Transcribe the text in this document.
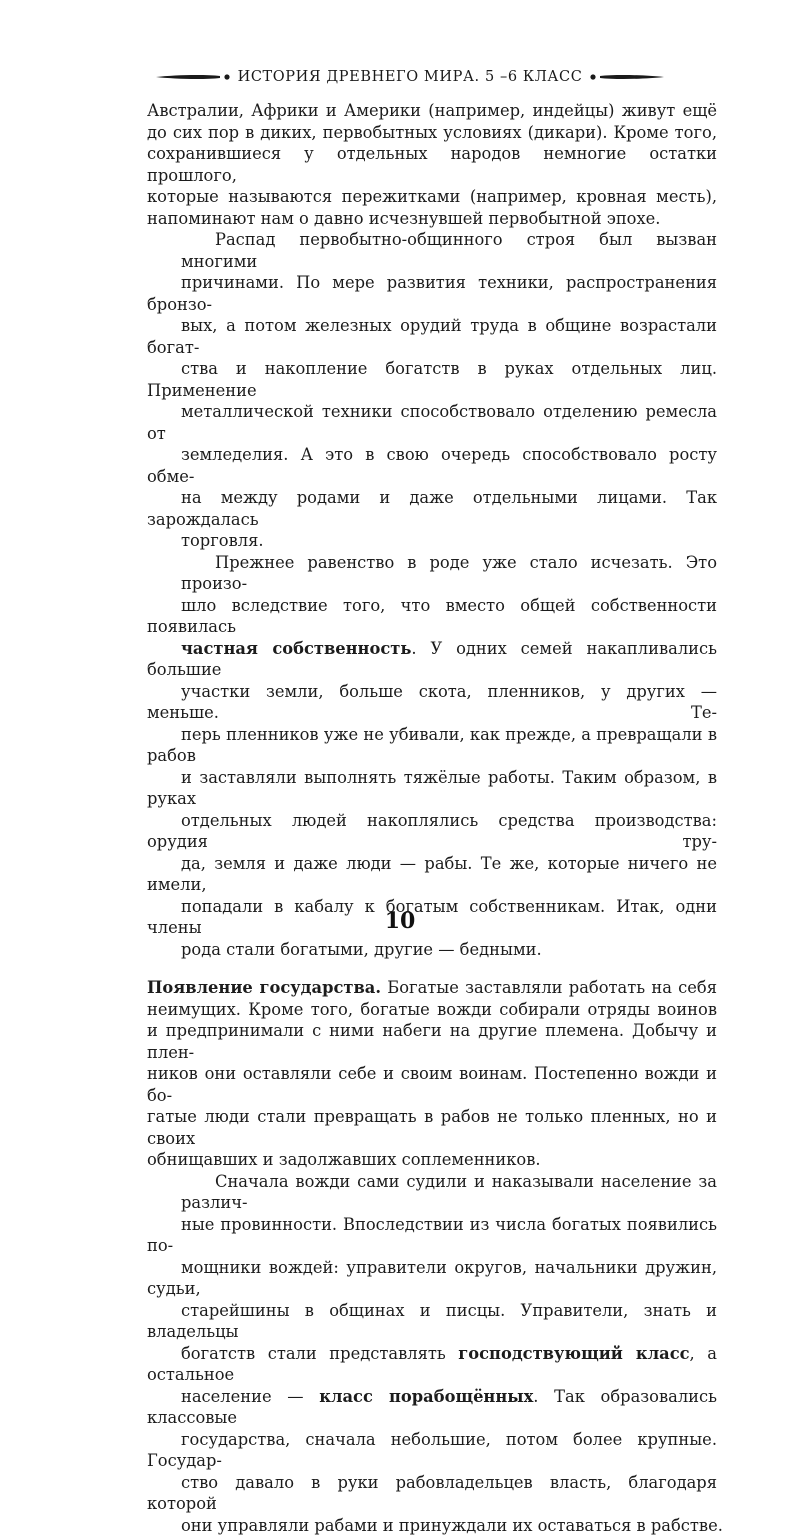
ИСТОРИЯ ДРЕВНЕГО МИРА. 5 –6 КЛАСС
Австралии, Африки и Америки (например, индейцы) живут ещё
до сих пор в диких, первобытных условиях (дикари). Кроме того,
сохранившиеся у отдельных народов немногие остатки прошлого,
которые называются пережитками (например, кровная месть),
напоминают нам о давно исчезнувшей первобытной эпохе.
Распад первобытно-общинного строя был вызван многими
причинами. По мере развития техники, распространения бронзо-
вых, а потом железных орудий труда в общине возрастали богат-
ства и накопление богатств в руках отдельных лиц. Применение
металлической техники способствовало отделению ремесла от
земледелия. А это в свою очередь способствовало росту обме-
на между родами и даже отдельными лицами. Так зарождалась
торговля.
Прежнее равенство в роде уже стало исчезать. Это произо-
шло вследствие того, что вместо общей собственности появилась
частная собственность. У одних семей накапливались большие
участки земли, больше скота, пленников, у других — меньше. Те-
перь пленников уже не убивали, как прежде, а превращали в рабов
и заставляли выполнять тяжёлые работы. Таким образом, в руках
отдельных людей накоплялись средства производства: орудия тру-
да, земля и даже люди — рабы. Те же, которые ничего не имели,
попадали в кабалу к богатым собственникам. Итак, одни члены
рода стали богатыми, другие — бедными.
Появление государства. Богатые заставляли работать на себя
неимущих. Кроме того, богатые вожди собирали отряды воинов
и предпринимали с ними набеги на другие племена. Добычу и плен-
ников они оставляли себе и своим воинам. Постепенно вожди и бо-
гатые люди стали превращать в рабов не только пленных, но и своих
обнищавших и задолжавших соплеменников.
Сначала вожди сами судили и наказывали население за различ-
ные провинности. Впоследствии из числа богатых появились по-
мощники вождей: управители округов, начальники дружин, судьи,
старейшины в общинах и писцы. Управители, знать и владельцы
богатств стали представлять господствующий класс, а остальное
население — класс порабощённых. Так образовались классовые
государства, сначала небольшие, потом более крупные. Государ-
ство давало в руки рабовладельцев власть, благодаря которой
они управляли рабами и принуждали их оставаться в рабстве.
10
